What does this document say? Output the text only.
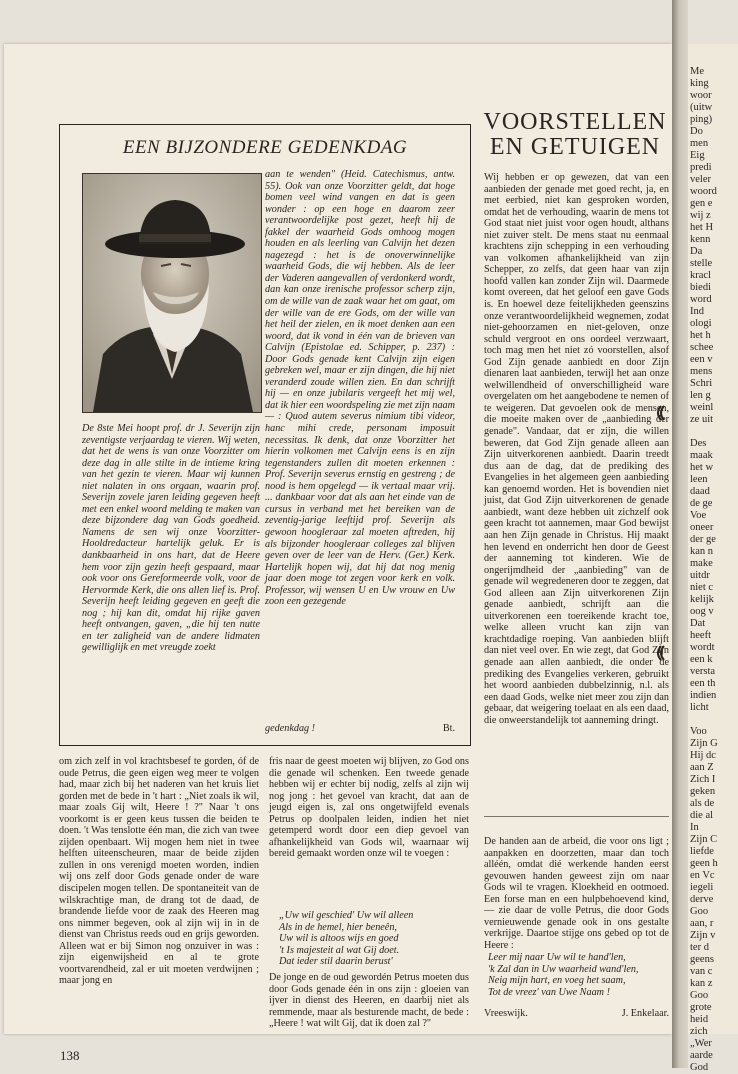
EEN BIJZONDERE GEDENKDAG
De 8ste Mei hoopt prof. dr J. Severijn zijn zeventigste verjaardag te vieren. Wij weten, dat het de wens is van onze Voorzitter om deze dag in alle stilte in de intieme kring van het gezin te vieren. Maar wij kunnen niet nalaten in ons orgaan, waarin prof. Severijn zovele jaren leiding gegeven heeft met een enkel woord melding te maken van deze bijzondere dag van Gods goedheid. Namens de sen wij onze Voorzitter-Hooldredacteur hartelijk geluk. Er is dankbaarheid in ons hart, dat de Heere hem voor zijn gezin heeft gespaard, maar ook voor ons Gereformeerde volk, voor de Hervormde Kerk, die ons allen lief is. Prof. Severijn heeft leiding gegeven en geeft die nog ; hij kan dit, omdat hij rijke gaven heeft ontvangen, gaven, „die hij ten nutte en ter zaligheid van de andere lidmaten gewilliglijk en met vreugde zoekt
aan te wenden" (Heid. Catechismus, antw. 55). Ook van onze Voorzitter geldt, dat hoge bomen veel wind vangen en dat is geen wonder : op een hoge en daarom zeer verantwoordelijke post gezet, heeft hij de fakkel der waarheid Gods omhoog mogen houden en als leerling van Calvijn het dezen nagezegd : het is de onoverwinnelijke waarheid Gods, die wij hebben. Als de leer der Vaderen aangevallen of verdonkerd wordt, dan kan onze irenische professor scherp zijn, om de wille van de zaak waar het om gaat, om der wille van de ere Gods, om der wille van het heil der zielen, en ik moet denken aan een woord, dat ik vond in één van de brieven van Calvijn (Epistolae ed. Schipper, p. 237) : Door Gods genade kent Calvijn zijn eigen gebreken wel, maar er zijn dingen, die hij niet veranderd zoude willen zien. En dan schrijft hij — en onze jubilaris vergeeft het mij wel, dat ik hier een woordspeling zie met zijn naam — : Quod autem severus nimium tibi videor, hanc mihi crede, personam imposuit necessitas. Ik denk, dat onze Voorzitter het hierin volkomen met Calvijn eens is en zijn tegenstanders zullen dit moeten erkennen : Prof. Severijn severus ernstig en gestreng ; de nood is hem opgelegd — ik vertaal maar vrij. ... dankbaar voor dat als aan het einde van de cursus in verband met het bereiken van de zeventig-jarige leeftijd prof. Severijn als gewoon hoogleraar zal moeten aftreden, hij als bijzonder hoogleraar colleges zal blijven geven over de leer van de Herv. (Ger.) Kerk. Hartelijk hopen wij, dat hij dat nog menig jaar doen moge tot zegen voor kerk en volk. Professor, wij wensen U en Uw vrouw en Uw zoon een gezegende
gedenkdag !	Bt.
VOORSTELLEN
EN GETUIGEN
Wij hebben er op gewezen, dat van een aanbieden der genade met goed recht, ja, en met eerbied, niet kan gesproken worden, omdat het de verhouding, waarin de mens tot God staat niet juist voor ogen houdt, althans niet zuiver stelt. De mens staat nu eenmaal krachtens zijn schepping in een verhouding van volkomen afhankelijkheid van zijn Schepper, zo zelfs, dat geen haar van zijn hoofd vallen kan zonder Zijn wil. Daarmede komt overeen, dat het geloof een gave Gods is. En hoewel deze feitelijkheden geenszins onze verantwoordelijkheid wegnemen, zodat niet-gehoorzamen en niet-geloven, onze schuld vergroot en ons oordeel verzwaart, toch mag men het niet zó voorstellen, alsof God Zijn genade aanbiedt en door Zijn dienaren laat aanbieden, terwijl het aan onze welwillendheid of onverschilligheid ware overgelaten om het aangebodene te nemen of te weigeren. Dat gevoelen ook de mensen, die moeite maken over de „aanbieding der genade". Vandaar, dat er zijn, die willen beweren, dat God Zijn genade alleen aan Zijn uitverkorenen aanbiedt. Daarin treedt dus aan de dag, dat de prediking des Evangelies in het algemeen geen aanbieding kan genoemd worden. Het is bovendien niet juist, dat God Zijn uitverkorenen de genade aanbiedt, want deze hebben uit zichzelf ook geen kracht tot aannemen, maar God bewijst aan hen Zijn genade in Christus. Hij maakt hen levend en onderricht hen door de Geest der aanneming tot kinderen. Wie de ongerijmdheid der „aanbieding" van de genade wil wegredeneren door te zeggen, dat God alleen aan Zijn uitverkorenen Zijn genade aanbiedt, schrijft aan die uitverkorenen een toereikende kracht toe, welke alleen vrucht kan zijn van krachtdadige roeping. Van aanbieden blijft dan niet veel over. En wie zegt, dat God Zijn genade aan allen aanbiedt, die onder de prediking des Evangelies verkeren, gebruikt het woord aanbieden dubbelzinnig, n.l. als een daad Gods, welke niet meer zou zijn dan gebaar, dat weigering toelaat en als een daad, die onweerstandelijk tot aanneming dringt.
om zich zelf in vol krachtsbesef te gorden, óf de oude Petrus, die geen eigen weg meer te volgen had, maar zich bij het naderen van het kruis liet gorden met de bede in 't hart : „Niet zoals ik wil, maar zoals Gij wilt, Heere ! ?" Naar 't ons voorkomt is er geen keus tussen die beiden te doen. 't Was tenslotte één man, die zich van twee zijden openbaart. Wij mogen hem niet in twee helften uiteenscheuren, maar de beide zijden zullen in ons verenigd moeten worden, indien wij ons zelf door Gods genade onder de ware discipelen mogen tellen. De spontaneiteit van de wilskrachtige man, de drang tot de daad, de brandende liefde voor de zaak des Heeren mag ons nimmer begeven, ook al zijn wij in in de dienst van Christus reeds oud en grijs geworden. Alleen wat er bij Simon nog onzuiver in was : zijn eigenwijsheid en al te grote voortvarendheid, zal er uit moeten verdwijnen ; maar jong en
fris naar de geest moeten wij blijven, zo God ons die genade wil schenken. Een tweede genade hebben wij er echter bij nodig, zelfs al zijn wij nog jong : het gevoel van kracht, dat aan de jeugd eigen is, zal ons ongetwijfeld evenals Petrus op doolpalen leiden, indien het niet getemperd wordt door een diep gevoel van afhankelijkheid van Gods wil, waarnaar wij bereid gemaakt worden onze wil te voegen :
„Uw wil geschied' Uw wil alleen
Als in de hemel, hier beneên,
Uw wil is altoos wijs en goed
't Is majesteit al wat Gij doet.
Dat ieder stil daarin berust'
De jonge en de oud gewordén Petrus moeten dus door Gods genade één in ons zijn : gloeien van ijver in dienst des Heeren, en daarbij niet als remmende, maar als besturende macht, de bede : „Heere ! wat wilt Gij, dat ik doen zal ?"
De handen aan de arbeid, die voor ons ligt ; aanpakken en doorzetten, maar dan toch alléén, omdat dié werkende handen eerst gevouwen handen geweest zijn om naar Gods wil te vragen. Kloekheid en ootmoed. Een forse man en een hulpbehoevend kind, — zie daar de volle Petrus, die door Gods vernieuwende genade ook in ons gestalte verkrijge. Daartoe stijge ons gebed op tot de Heere :
Leer mij naar Uw wil te hand'len,
'k Zal dan in Uw waarheid wand'len,
Neig mijn hart, en voeg het saam,
Tot de vreez' van Uwe Naam !
Vreeswijk.	J. Enkelaar.
138
Me
king
woor
(uitw
ping)
Do
men
Eig
predi
veler
woord
gen e
wij z
het H
kenn
Da
stelle
kracl
biedi
word
Ind
ologi
het h
schee
een v
mens
Schri
len g
weinl
ze uit
Des
maak
het w
leen
daad
de ge
Voe
oneer
der ge
kan n
make
uitdr
niet c
kelijk
oog v
Dat
heeft
wordt
een k
versta
een th
indien
licht
Voo
Zijn G
Hij dc
aan Z
Zich I
geken
als de
die al
In
Zijn C
liefde
geen h
en Vc
iegeli
derve
Goo
aan, r
Zijn v
ter d
geens
van c
kan z
Goo
grote
heid
zich
„Wer
aarde
God
